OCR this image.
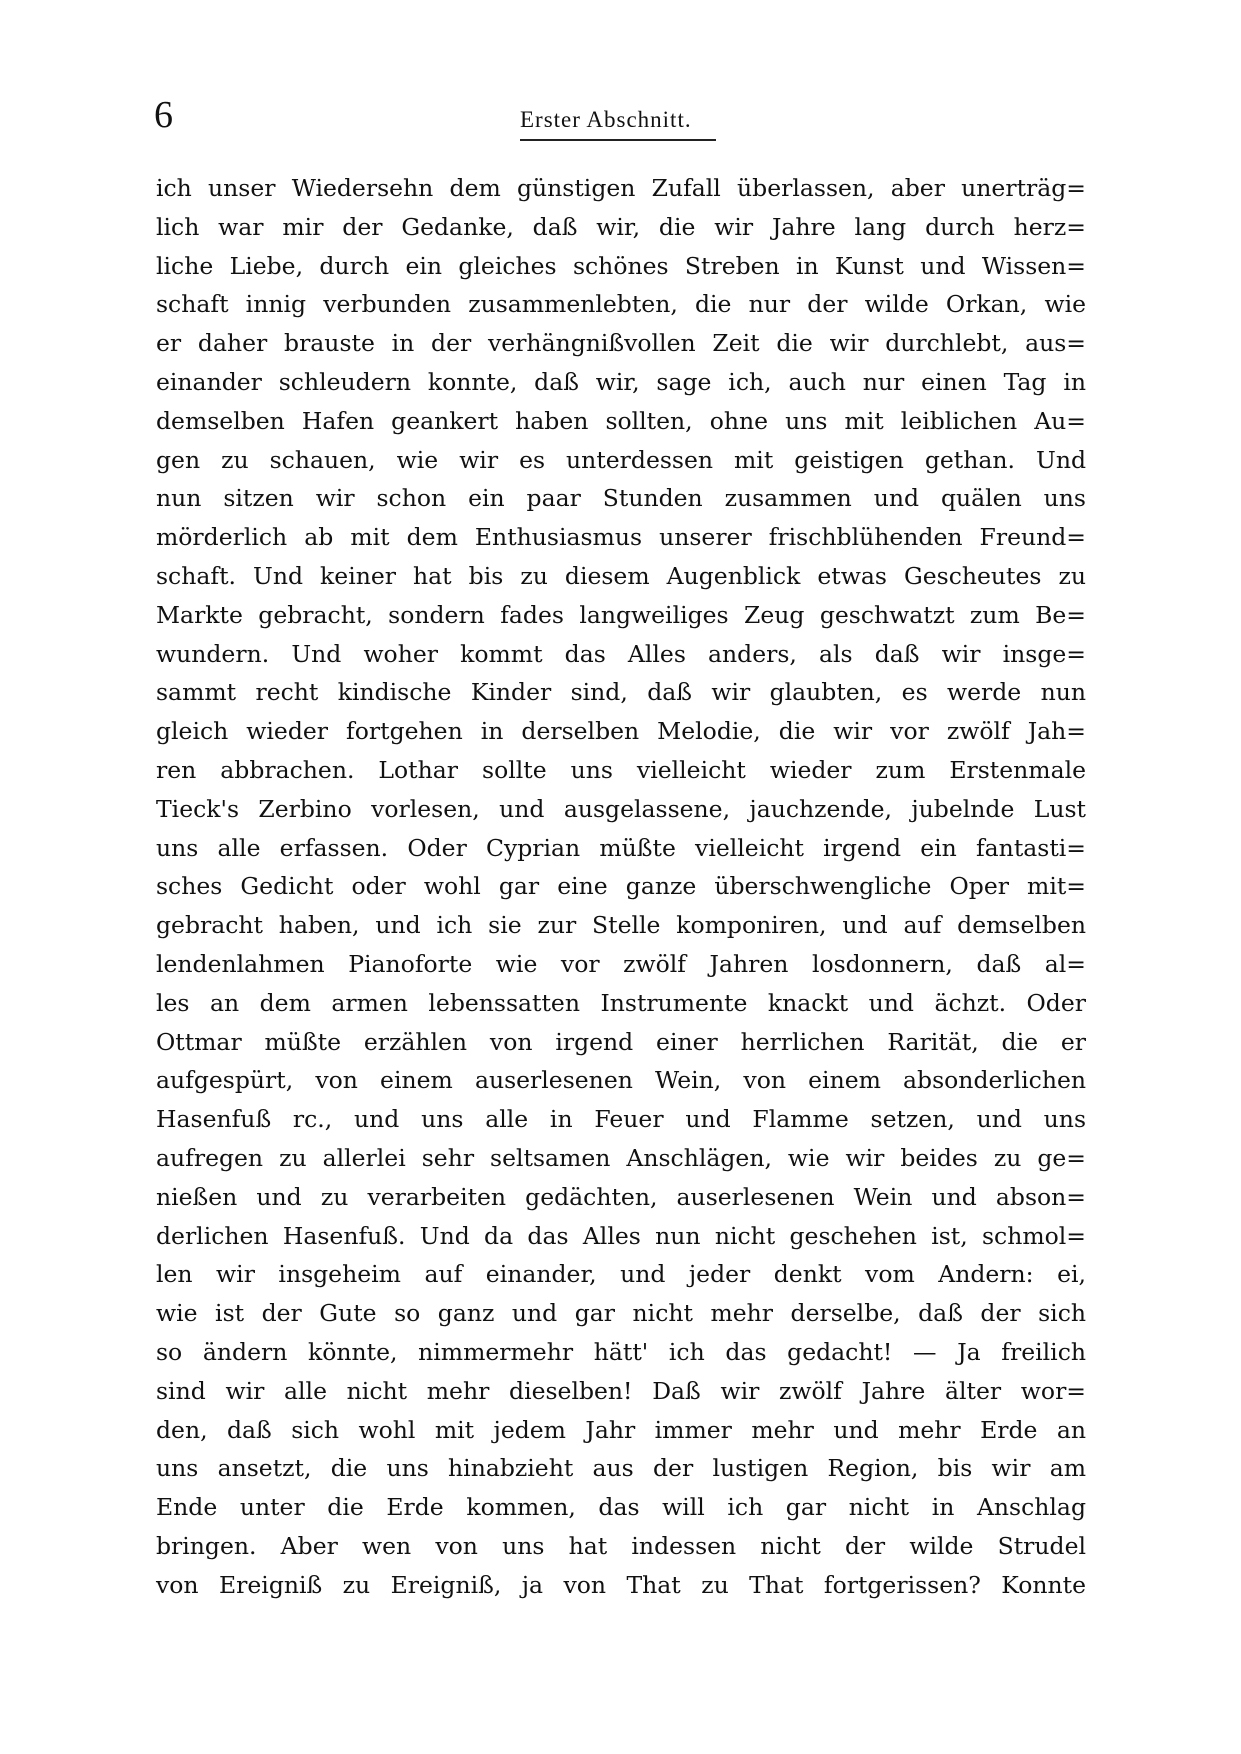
6	Erster Abschnitt.
ich unser Wiedersehn dem günstigen Zufall überlassen, aber unerträg=
lich war mir der Gedanke, daß wir, die wir Jahre lang durch herz=
liche Liebe, durch ein gleiches schönes Streben in Kunst und Wissen=
schaft innig verbunden zusammenlebten, die nur der wilde Orkan, wie
er daher brauste in der verhängnißvollen Zeit die wir durchlebt, aus=
einander schleudern konnte, daß wir, sage ich, auch nur einen Tag in
demselben Hafen geankert haben sollten, ohne uns mit leiblichen Au=
gen zu schauen, wie wir es unterdessen mit geistigen gethan. Und
nun sitzen wir schon ein paar Stunden zusammen und quälen uns
mörderlich ab mit dem Enthusiasmus unserer frischblühenden Freund=
schaft. Und keiner hat bis zu diesem Augenblick etwas Gescheutes zu
Markte gebracht, sondern fades langweiliges Zeug geschwatzt zum Be=
wundern. Und woher kommt das Alles anders, als daß wir insge=
sammt recht kindische Kinder sind, daß wir glaubten, es werde nun
gleich wieder fortgehen in derselben Melodie, die wir vor zwölf Jah=
ren abbrachen. Lothar sollte uns vielleicht wieder zum Erstenmale
Tieck's Zerbino vorlesen, und ausgelassene, jauchzende, jubelnde Lust
uns alle erfassen. Oder Cyprian müßte vielleicht irgend ein fantasti=
sches Gedicht oder wohl gar eine ganze überschwengliche Oper mit=
gebracht haben, und ich sie zur Stelle komponiren, und auf demselben
lendenlahmen Pianoforte wie vor zwölf Jahren losdonnern, daß al=
les an dem armen lebenssatten Instrumente knackt und ächzt. Oder
Ottmar müßte erzählen von irgend einer herrlichen Rarität, die er
aufgespürt, von einem auserlesenen Wein, von einem absonderlichen
Hasenfuß rc., und uns alle in Feuer und Flamme setzen, und uns
aufregen zu allerlei sehr seltsamen Anschlägen, wie wir beides zu ge=
nießen und zu verarbeiten gedächten, auserlesenen Wein und abson=
derlichen Hasenfuß. Und da das Alles nun nicht geschehen ist, schmol=
len wir insgeheim auf einander, und jeder denkt vom Andern: ei,
wie ist der Gute so ganz und gar nicht mehr derselbe, daß der sich
so ändern könnte, nimmermehr hätt' ich das gedacht! — Ja freilich
sind wir alle nicht mehr dieselben! Daß wir zwölf Jahre älter wor=
den, daß sich wohl mit jedem Jahr immer mehr und mehr Erde an
uns ansetzt, die uns hinabzieht aus der lustigen Region, bis wir am
Ende unter die Erde kommen, das will ich gar nicht in Anschlag
bringen. Aber wen von uns hat indessen nicht der wilde Strudel
von Ereigniß zu Ereigniß, ja von That zu That fortgerissen? Konnte
